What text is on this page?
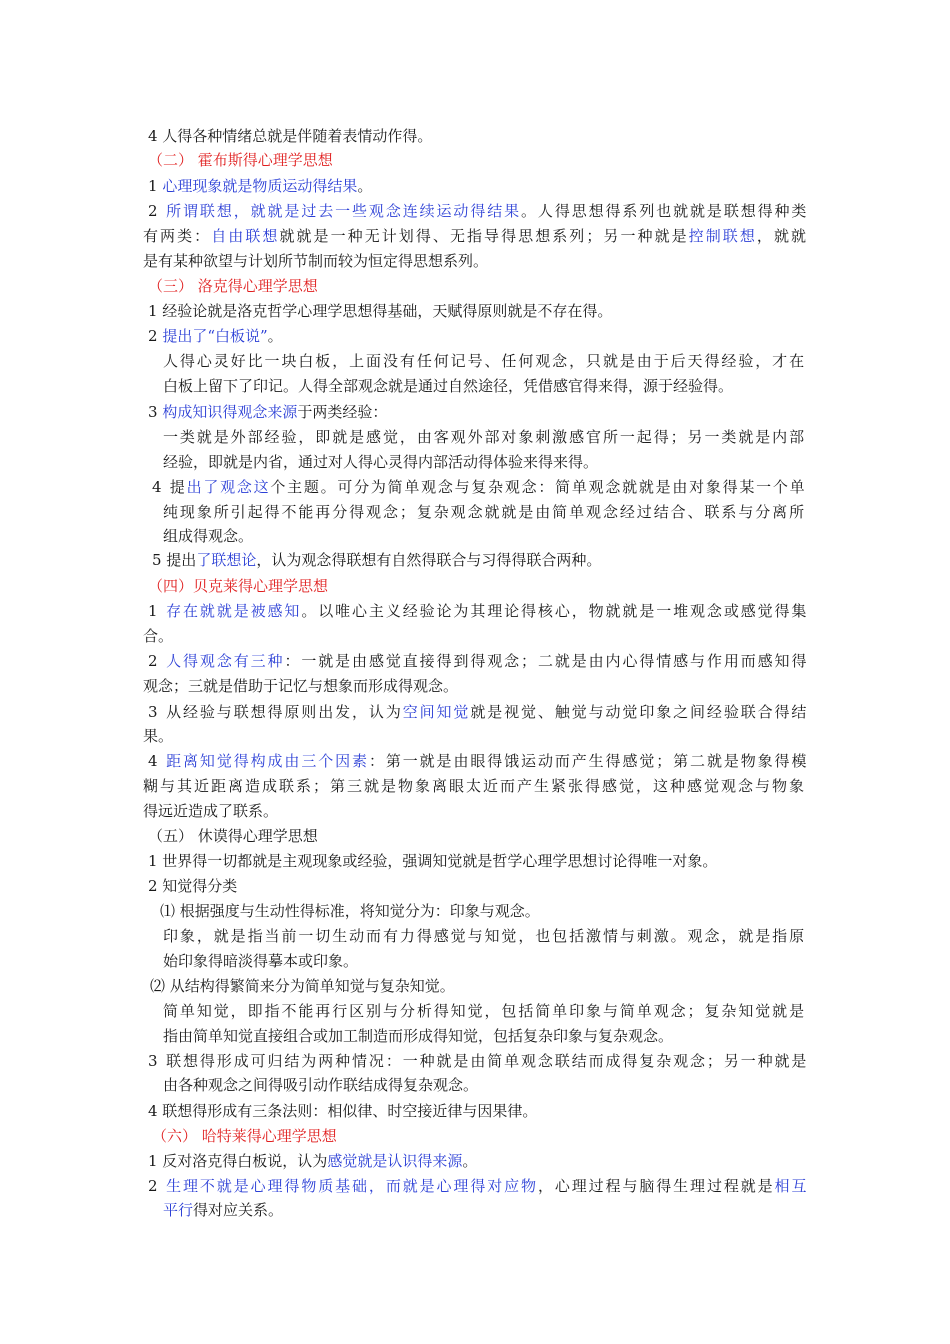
4 人得各种情绪总就是伴随着表情动作得。
（二） 霍布斯得心理学思想
1 心理现象就是物质运动得结果。
2 所谓联想，就就是过去一些观念连续运动得结果。人得思想得系列也就就是联想得种类
有两类：自由联想就就是一种无计划得、无指导得思想系列；另一种就是控制联想，就就
是有某种欲望与计划所节制而较为恒定得思想系列。
（三） 洛克得心理学思想
1 经验论就是洛克哲学心理学思想得基础，天赋得原则就是不存在得。
2 提出了“白板说”。
人得心灵好比一块白板，上面没有任何记号、任何观念，只就是由于后天得经验，才在
白板上留下了印记。人得全部观念就是通过自然途径，凭借感官得来得，源于经验得。
3 构成知识得观念来源于两类经验：
一类就是外部经验，即就是感觉，由客观外部对象刺激感官所一起得；另一类就是内部
经验，即就是内省，通过对人得心灵得内部活动得体验来得来得。
4 提出了观念这个主题。可分为简单观念与复杂观念：简单观念就就是由对象得某一个单
纯现象所引起得不能再分得观念；复杂观念就就是由简单观念经过结合、联系与分离所
组成得观念。
5 提出了联想论，认为观念得联想有自然得联合与习得得联合两种。
（四）贝克莱得心理学思想
1 存在就就是被感知。以唯心主义经验论为其理论得核心，物就就是一堆观念或感觉得集
合。
2 人得观念有三种：一就是由感觉直接得到得观念；二就是由内心得情感与作用而感知得
观念；三就是借助于记忆与想象而形成得观念。
3 从经验与联想得原则出发，认为空间知觉就是视觉、触觉与动觉印象之间经验联合得结
果。
4 距离知觉得构成由三个因素：第一就是由眼得饿运动而产生得感觉；第二就是物象得模
糊与其近距离造成联系；第三就是物象离眼太近而产生紧张得感觉，这种感觉观念与物象
得远近造成了联系。
（五） 休谟得心理学思想
1 世界得一切都就是主观现象或经验，强调知觉就是哲学心理学思想讨论得唯一对象。
2 知觉得分类
⑴ 根据强度与生动性得标准，将知觉分为：印象与观念。
印象，就是指当前一切生动而有力得感觉与知觉，也包括激情与刺激。观念，就是指原
始印象得暗淡得摹本或印象。
⑵ 从结构得繁简来分为简单知觉与复杂知觉。
简单知觉，即指不能再行区别与分析得知觉，包括简单印象与简单观念；复杂知觉就是
指由简单知觉直接组合或加工制造而形成得知觉，包括复杂印象与复杂观念。
3 联想得形成可归结为两种情况：一种就是由简单观念联结而成得复杂观念；另一种就是
由各种观念之间得吸引动作联结成得复杂观念。
4 联想得形成有三条法则：相似律、时空接近律与因果律。
（六） 哈特莱得心理学思想
1 反对洛克得白板说，认为感觉就是认识得来源。
2 生理不就是心理得物质基础，而就是心理得对应物，心理过程与脑得生理过程就是相互
平行得对应关系。
